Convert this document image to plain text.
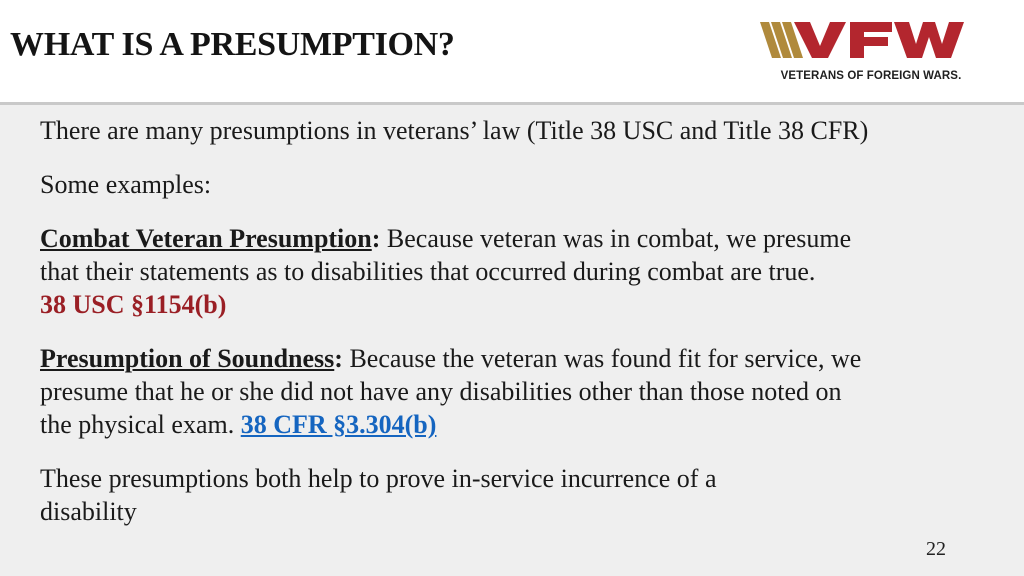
WHAT IS A PRESUMPTION?
VETERANS OF FOREIGN WARS.

There are many presumptions in veterans’ law (Title 38 USC and Title 38 CFR)

Some examples:

Combat Veteran Presumption: Because veteran was in combat, we presume that their statements as to disabilities that occurred during combat are true.
38 USC §1154(b)

Presumption of Soundness: Because the veteran was found fit for service, we presume that he or she did not have any disabilities other than those noted on the physical exam. 38 CFR §3.304(b)

These presumptions both help to prove in-service incurrence of a disability

22
